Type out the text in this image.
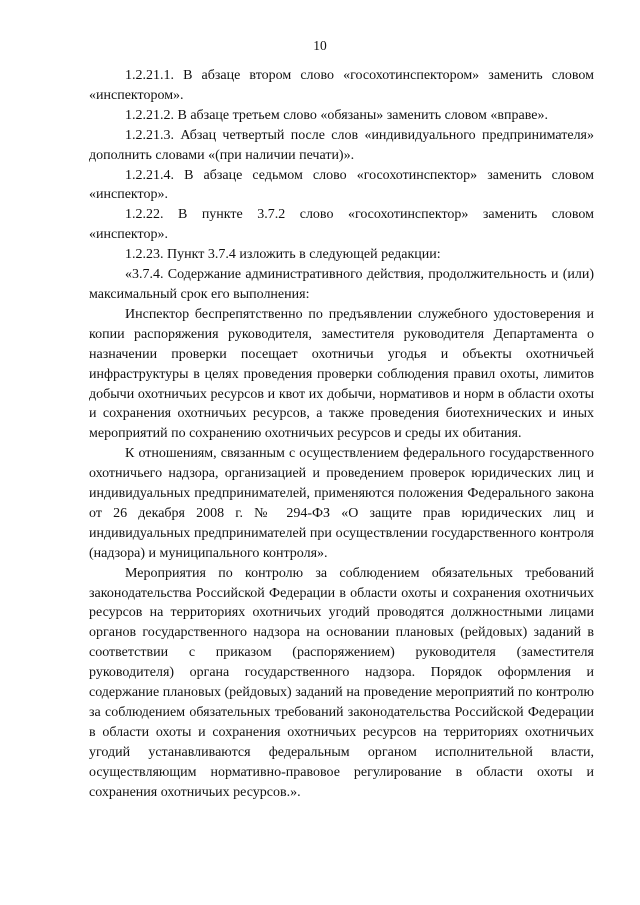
10

1.2.21.1. В абзаце втором слово «госохотинспектором» заменить словом «инспектором».

1.2.21.2. В абзаце третьем слово «обязаны» заменить словом «вправе».

1.2.21.3. Абзац четвертый после слов «индивидуального предпринимателя» дополнить словами «(при наличии печати)».

1.2.21.4. В абзаце седьмом слово «госохотинспектор» заменить словом «инспектор».

1.2.22. В пункте 3.7.2 слово «госохотинспектор» заменить словом «инспектор».

1.2.23. Пункт 3.7.4 изложить в следующей редакции:

«3.7.4. Содержание административного действия, продолжительность и (или) максимальный срок его выполнения:

Инспектор беспрепятственно по предъявлении служебного удостоверения и копии распоряжения руководителя, заместителя руководителя Департамента о назначении проверки посещает охотничьи угодья и объекты охотничьей инфраструктуры в целях проведения проверки соблюдения правил охоты, лимитов добычи охотничьих ресурсов и квот их добычи, нормативов и норм в области охоты и сохранения охотничьих ресурсов, а также проведения биотехнических и иных мероприятий по сохранению охотничьих ресурсов и среды их обитания.

К отношениям, связанным с осуществлением федерального государственного охотничьего надзора, организацией и проведением проверок юридических лиц и индивидуальных предпринимателей, применяются положения Федерального закона от 26 декабря 2008 г. № 294-ФЗ «О защите прав юридических лиц и индивидуальных предпринимателей при осуществлении государственного контроля (надзора) и муниципального контроля».

Мероприятия по контролю за соблюдением обязательных требований законодательства Российской Федерации в области охоты и сохранения охотничьих ресурсов на территориях охотничьих угодий проводятся должностными лицами органов государственного надзора на основании плановых (рейдовых) заданий в соответствии с приказом (распоряжением) руководителя (заместителя руководителя) органа государственного надзора. Порядок оформления и содержание плановых (рейдовых) заданий на проведение мероприятий по контролю за соблюдением обязательных требований законодательства Российской Федерации в области охоты и сохранения охотничьих ресурсов на территориях охотничьих угодий устанавливаются федеральным органом исполнительной власти, осуществляющим нормативно-правовое регулирование в области охоты и сохранения охотничьих ресурсов.».
